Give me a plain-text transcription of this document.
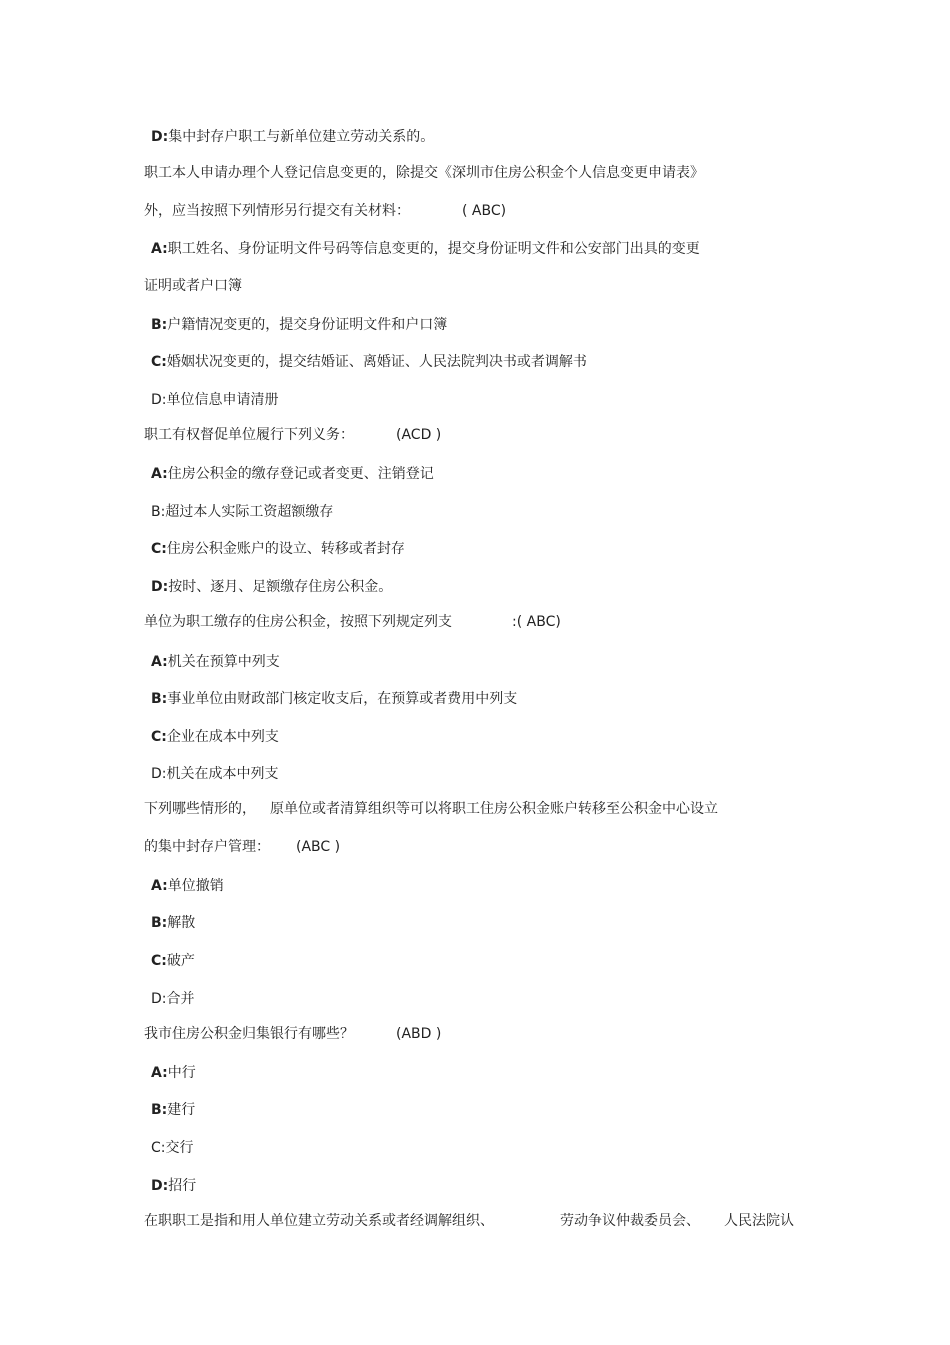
D:集中封存户职工与新单位建立劳动关系的。
职工本人申请办理个人登记信息变更的，除提交《深圳市住房公积金个人信息变更申请表》
外，应当按照下列情形另行提交有关材料：	( ABC)
A:职工姓名、身份证明文件号码等信息变更的，提交身份证明文件和公安部门出具的变更
证明或者户口簿
B:户籍情况变更的，提交身份证明文件和户口簿
C:婚姻状况变更的，提交结婚证、离婚证、人民法院判决书或者调解书
D:单位信息申请清册
职工有权督促单位履行下列义务：	(ACD )
A:住房公积金的缴存登记或者变更、注销登记
B:超过本人实际工资超额缴存
C:住房公积金账户的设立、转移或者封存
D:按时、逐月、足额缴存住房公积金。
单位为职工缴存的住房公积金，按照下列规定列支	:( ABC)
A:机关在预算中列支
B:事业单位由财政部门核定收支后，在预算或者费用中列支
C:企业在成本中列支
D:机关在成本中列支
下列哪些情形的， 原单位或者清算组织等可以将职工住房公积金账户转移至公积金中心设立
的集中封存户管理： (ABC )
A:单位撤销
B:解散
C:破产
D:合并
我市住房公积金归集银行有哪些？	(ABD )
A:中行
B:建行
C:交行
D:招行
在职职工是指和用人单位建立劳动关系或者经调解组织、	劳动争议仲裁委员会、 人民法院认
